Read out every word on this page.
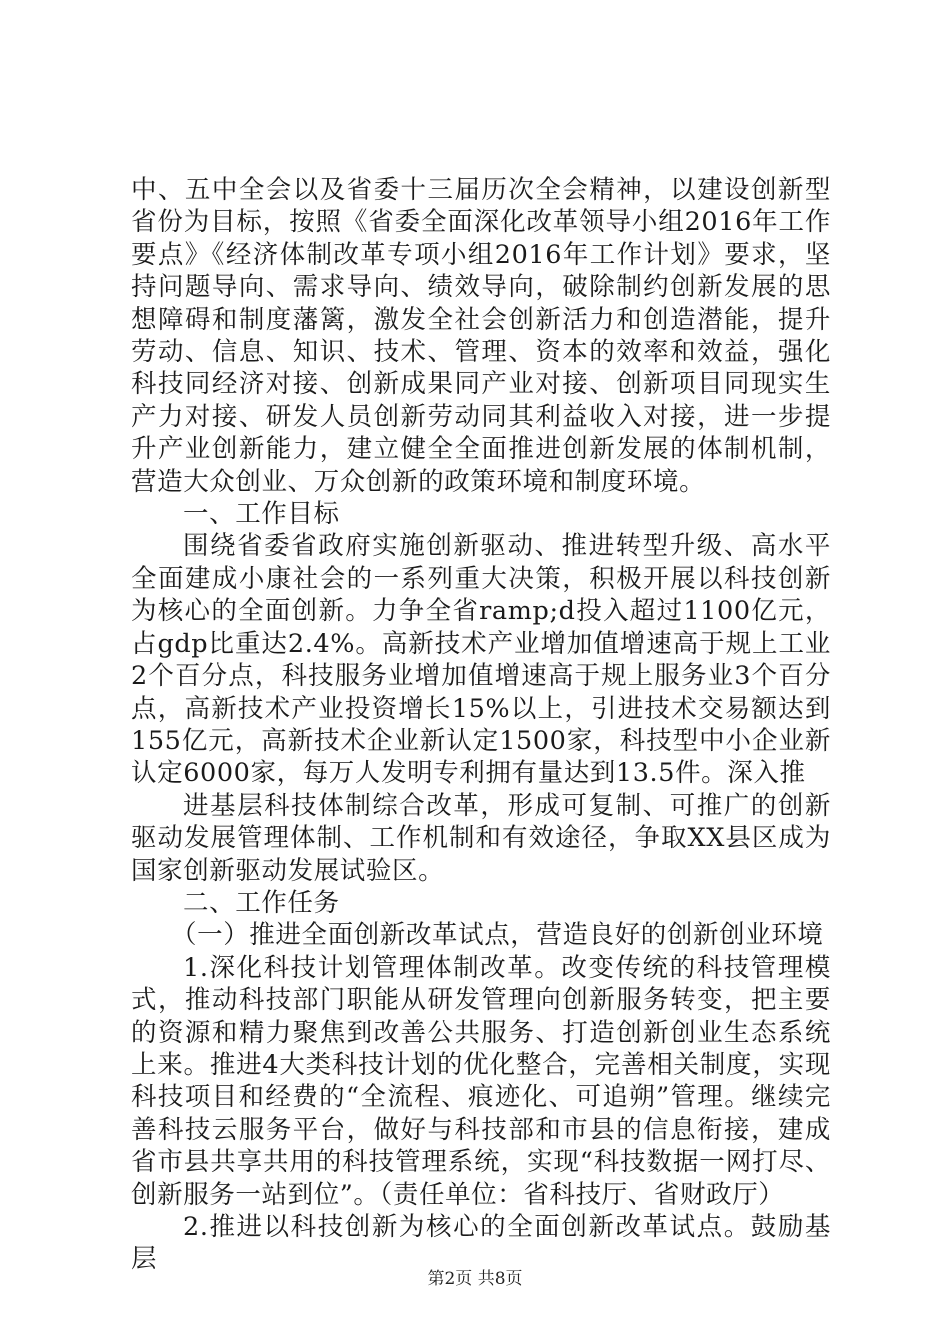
中、五中全会以及省委十三届历次全会精神，以建设创新型省份为目标，按照《省委全面深化改革领导小组2016年工作要点》《经济体制改革专项小组2016年工作计划》要求，坚持问题导向、需求导向、绩效导向，破除制约创新发展的思想障碍和制度藩篱，激发全社会创新活力和创造潜能，提升劳动、信息、知识、技术、管理、资本的效率和效益，强化科技同经济对接、创新成果同产业对接、创新项目同现实生产力对接、研发人员创新劳动同其利益收入对接，进一步提升产业创新能力，建立健全全面推进创新发展的体制机制，营造大众创业、万众创新的政策环境和制度环境。

一、工作目标

围绕省委省政府实施创新驱动、推进转型升级、高水平全面建成小康社会的一系列重大决策，积极开展以科技创新为核心的全面创新。力争全省ramp;d投入超过1100亿元，占gdp比重达2.4%。高新技术产业增加值增速高于规上工业2个百分点，科技服务业增加值增速高于规上服务业3个百分点，高新技术产业投资增长15%以上，引进技术交易额达到155亿元，高新技术企业新认定1500家，科技型中小企业新认定6000家，每万人发明专利拥有量达到13.5件。深入推

进基层科技体制综合改革，形成可复制、可推广的创新驱动发展管理体制、工作机制和有效途径，争取XX县区成为国家创新驱动发展试验区。

二、工作任务

（一）推进全面创新改革试点，营造良好的创新创业环境

1.深化科技计划管理体制改革。改变传统的科技管理模式，推动科技部门职能从研发管理向创新服务转变，把主要的资源和精力聚焦到改善公共服务、打造创新创业生态系统上来。推进4大类科技计划的优化整合，完善相关制度，实现科技项目和经费的“全流程、痕迹化、可追朔”管理。继续完善科技云服务平台，做好与科技部和市县的信息衔接，建成省市县共享共用的科技管理系统，实现“科技数据一网打尽、创新服务一站到位”。（责任单位：省科技厅、省财政厅）

2.推进以科技创新为核心的全面创新改革试点。鼓励基层

第2页 共8页
